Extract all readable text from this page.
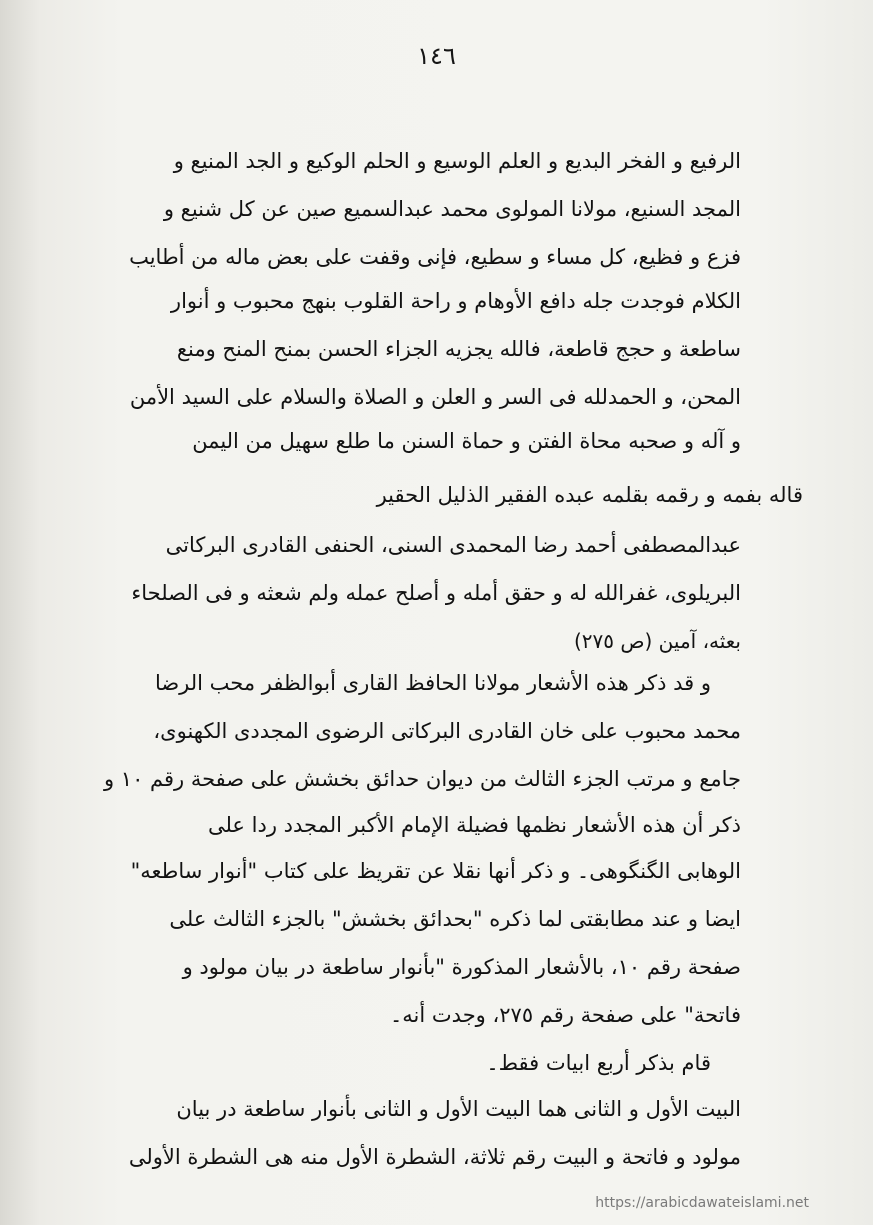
١٤٦
الرفيع و الفخر البديع و العلم الوسيع و الحلم الوكيع و الجد المنيع و
المجد السنيع، مولانا المولوى محمد عبدالسميع صين عن كل شنيع و
فزع و فظيع، كل مساء و سطيع، فإنى وقفت على بعض ماله من أطايب
الكلام فوجدت جله دافع الأوهام و راحة القلوب بنهج محبوب و أنوار
ساطعة و حجج قاطعة، فالله يجزيه الجزاء الحسن بمنح المنح ومنع
المحن، و الحمدلله فى السر و العلن و الصلاة والسلام على السيد الأمن
و آله و صحبه محاة الفتن و حماة السنن ما طلع سهيل من اليمن
قاله بفمه و رقمه بقلمه عبده الفقير الذليل الحقير
عبدالمصطفى أحمد رضا المحمدى السنى، الحنفى القادرى البركاتى
البريلوى، غفرالله له و حقق أمله و أصلح عمله ولم شعثه و فى الصلحاء
بعثه، آمين (ص ٢٧٥)
و قد ذكر هذه الأشعار مولانا الحافظ القارى أبوالظفر محب الرضا
محمد محبوب على خان القادرى البركاتى الرضوى المجددى الكهنوى،
جامع و مرتب الجزء الثالث من ديوان حدائق بخشش على صفحة رقم ١٠ و
ذكر أن هذه الأشعار نظمها فضيلة الإمام الأكبر المجدد ردا على
الوهابى الگنگوهى۔ و ذكر أنها نقلا عن تقريظ على كتاب "أنوار ساطعه"
ايضا و عند مطابقتى لما ذكره "بحدائق بخشش" بالجزء الثالث على
صفحة رقم ١٠، بالأشعار المذكورة "بأنوار ساطعة در بيان مولود و
فاتحة" على صفحة رقم ٢٧٥، وجدت أنه۔
قام بذكر أربع ابيات فقط۔
البيت الأول و الثانى هما البيت الأول و الثانى بأنوار ساطعة در بيان
مولود و فاتحة و البيت رقم ثلاثة، الشطرة الأول منه هى الشطرة الأولى
https://arabicdawateislami.net
